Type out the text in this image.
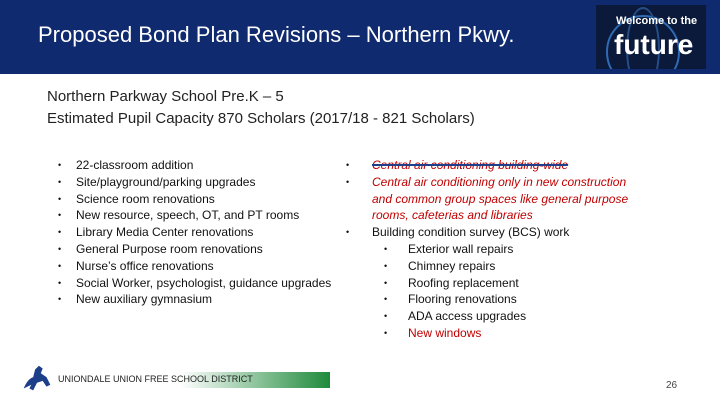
Proposed Bond Plan Revisions – Northern Pkwy.
Welcome to the
future
Northern Parkway School Pre.K – 5
Estimated Pupil Capacity 870 Scholars (2017/18 - 821 Scholars)
• 22-classroom addition
• Site/playground/parking upgrades
• Science room renovations
• New resource, speech, OT, and PT rooms
• Library Media Center renovations
• General Purpose room renovations
• Nurse’s office renovations
• Social Worker, psychologist, guidance upgrades
• New auxiliary gymnasium
• Central air conditioning building-wide
• Central air conditioning only in new construction and common group spaces like general purpose rooms, cafeterias and libraries
• Building condition survey (BCS) work
• Exterior wall repairs
• Chimney repairs
• Roofing replacement
• Flooring renovations
• ADA access upgrades
• New windows
UNIONDALE UNION FREE SCHOOL DISTRICT
26
